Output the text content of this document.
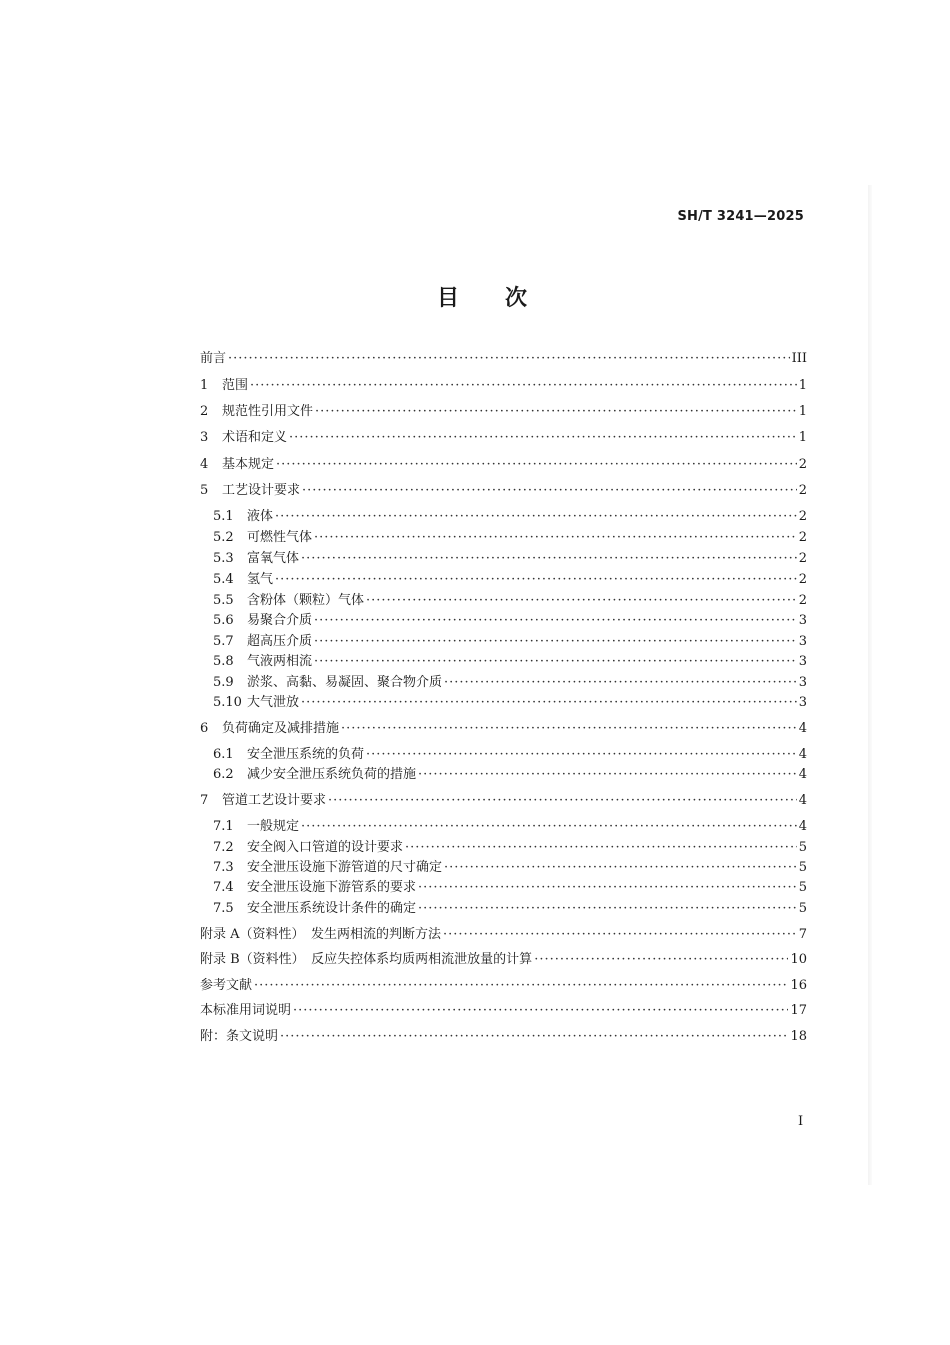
SH/T 3241—2025
目次
前言 ·····	III
1	范围 ·····	1
2	规范性引用文件 ·····	1
3	术语和定义 ·····	1
4	基本规定 ·····	2
5	工艺设计要求 ·····	2
5.1	液体 ·····	2
5.2	可燃性气体 ·····	2
5.3	富氧气体 ·····	2
5.4	氢气 ·····	2
5.5	含粉体（颗粒）气体 ·····	2
5.6	易聚合介质 ·····	3
5.7	超高压介质 ·····	3
5.8	气液两相流 ·····	3
5.9	淤浆、高黏、易凝固、聚合物介质 ·····	3
5.10 大气泄放 ·····	3
6	负荷确定及减排措施 ·····	4
6.1	安全泄压系统的负荷 ·····	4
6.2	减少安全泄压系统负荷的措施 ·····	4
7	管道工艺设计要求 ·····	4
7.1	一般规定 ·····	4
7.2	安全阀入口管道的设计要求 ·····	5
7.3	安全泄压设施下游管道的尺寸确定 ·····	5
7.4	安全泄压设施下游管系的要求 ·····	5
7.5	安全泄压系统设计条件的确定 ·····	5
附录 A（资料性）　发生两相流的判断方法 ·····	7
附录 B（资料性）　反应失控体系均质两相流泄放量的计算 ·····	10
参考文献 ·····	16
本标准用词说明 ·····	17
附：条文说明 ·····	18
I
